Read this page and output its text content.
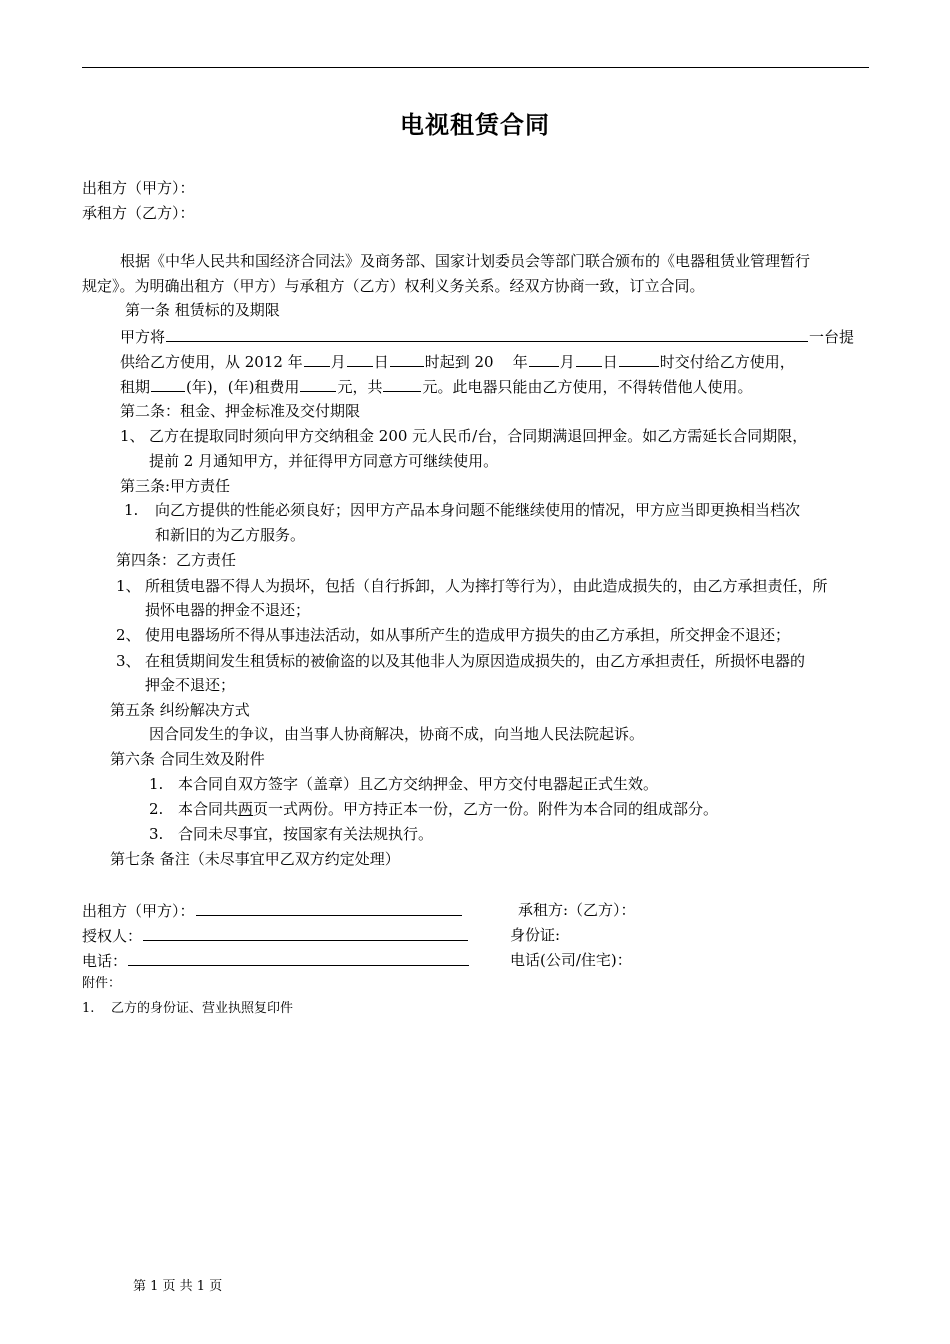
电视租赁合同
出租方（甲方）：
承租方（乙方）：
根据《中华人民共和国经济合同法》及商务部、国家计划委员会等部门联合颁布的《电器租赁业管理暂行
规定》。为明确出租方（甲方）与承租方（乙方）权利义务关系。经双方协商一致，订立合同。
第一条 租赁标的及期限
甲方将	一台提
供给乙方使用，从 2012 年 月 日 时起到 20 年 月 日	时交付给乙方使用，
租期 (年)，(年)租费用	元，共	元。此电器只能由乙方使用，不得转借他人使用。
第二条：租金、押金标准及交付期限
1、 乙方在提取同时须向甲方交纳租金 200 元人民币/台，合同期满退回押金。如乙方需延长合同期限，
提前 2 月通知甲方，并征得甲方同意方可继续使用。
第三条:甲方责任
1. 向乙方提供的性能必须良好；因甲方产品本身问题不能继续使用的情况，甲方应当即更换相当档次
和新旧的为乙方服务。
第四条：乙方责任
1、 所租赁电器不得人为损坏，包括（自行拆卸，人为摔打等行为），由此造成损失的，由乙方承担责任，所
损怀电器的押金不退还；
2、 使用电器场所不得从事违法活动，如从事所产生的造成甲方损失的由乙方承担，所交押金不退还；
3、 在租赁期间发生租赁标的被偷盗的以及其他非人为原因造成损失的，由乙方承担责任，所损怀电器的
押金不退还；
第五条 纠纷解决方式
因合同发生的争议，由当事人协商解决，协商不成，向当地人民法院起诉。
第六条 合同生效及附件
1. 本合同自双方签字（盖章）且乙方交纳押金、甲方交付电器起正式生效。
2. 本合同共两页一式两份。甲方持正本一份，乙方一份。附件为本合同的组成部分。
3. 合同未尽事宜，按国家有关法规执行。
第七条 备注（未尽事宜甲乙双方约定处理）
出租方（甲方）：	承租方:（乙方）：
授权人：	身份证:
电话：	电话(公司/住宅)：
附件：
1. 乙方的身份证、营业执照复印件
第 1 页 共 1 页
